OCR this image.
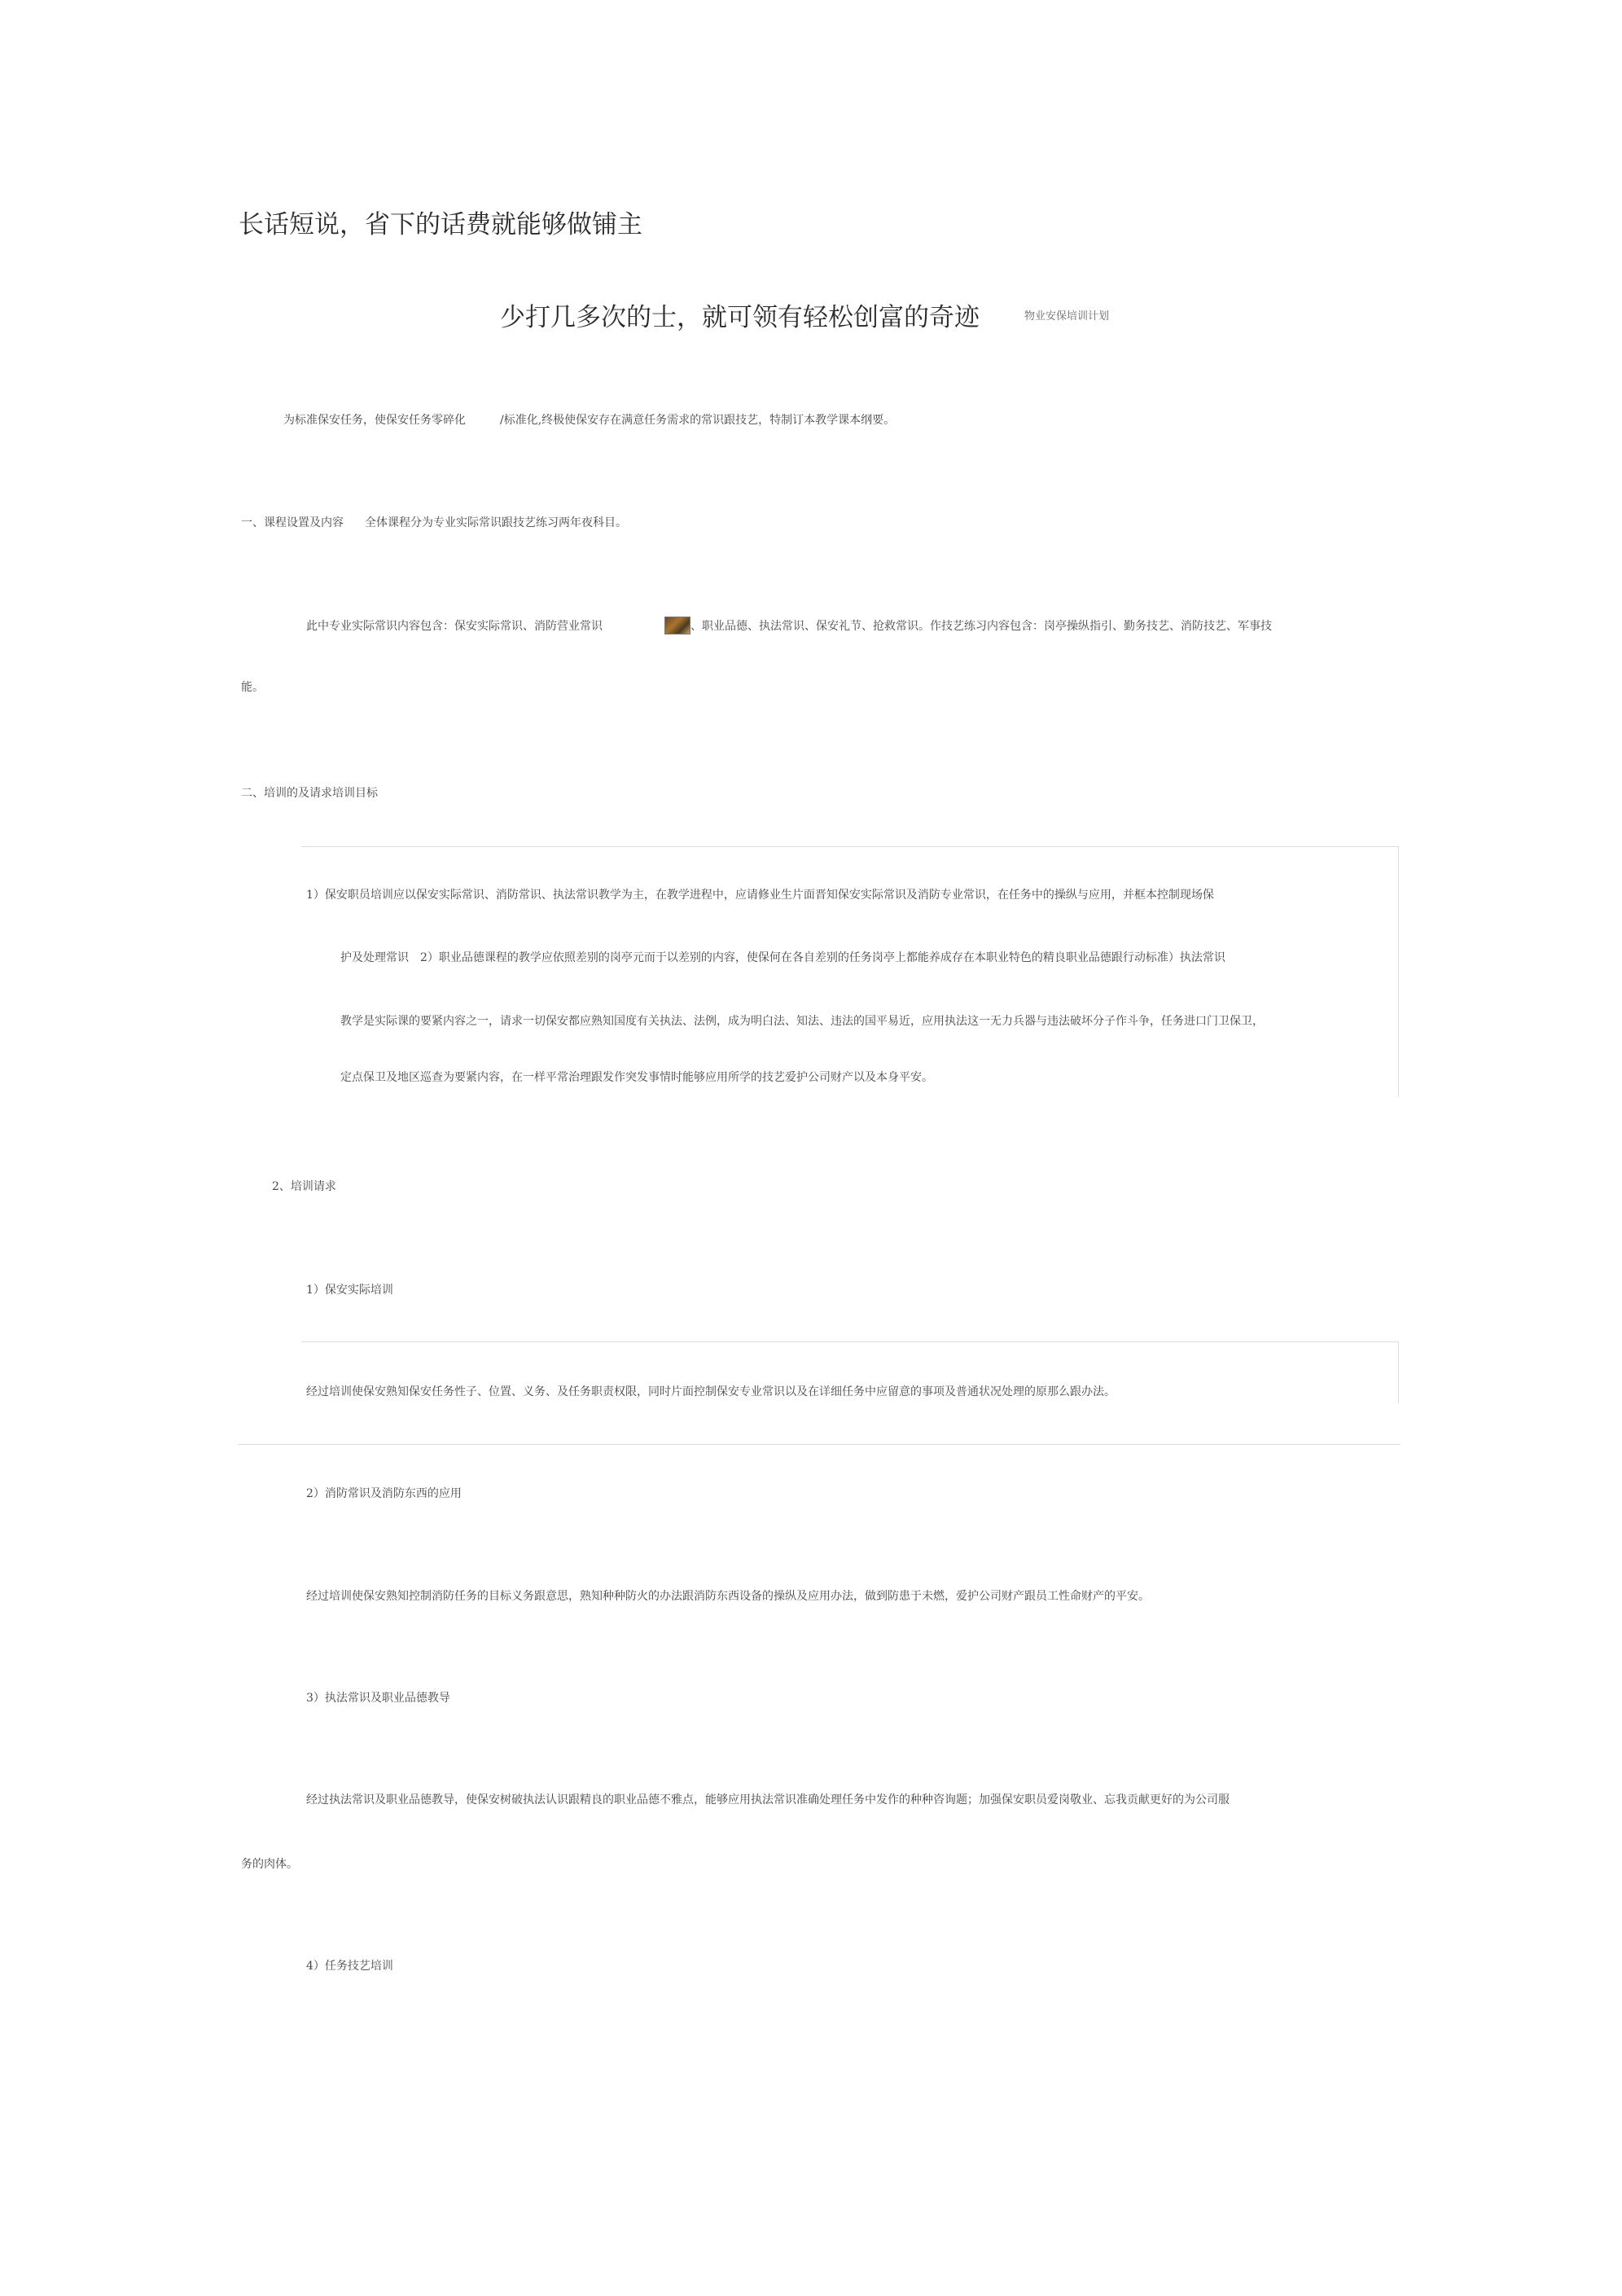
长话短说，省下的话费就能够做铺主
少打几多次的士，就可领有轻松创富的奇迹	物业安保培训计划
为标准保安任务，使保安任务零碎化	/标准化,终极使保安存在满意任务需求的常识跟技艺，特制订本教学课本纲要。
一、课程设置及内容 全体课程分为专业实际常识跟技艺练习两年夜科目。
此中专业实际常识内容包含：保安实际常识、消防营业常识	、职业品德、执法常识、保安礼节、抢救常识。作技艺练习内容包含：岗亭操纵指引、勤务技艺、消防技艺、军事技
能。
二、培训的及请求培训目标
1）保安职员培训应以保安实际常识、消防常识、执法常识教学为主，在教学进程中，应请修业生片面晋知保安实际常识及消防专业常识，在任务中的操纵与应用，并框本控制现场保
护及处理常识　2）职业品德课程的教学应依照差别的岗亭元而于以差别的内容，使保何在各自差别的任务岗亭上都能养成存在本职业特色的精良职业品德跟行动标准）执法常识
教学是实际课的要紧内容之一，请求一切保安都应熟知国度有关执法、法例，成为明白法、知法、违法的国平易近，应用执法这一无力兵器与违法破坏分子作斗争，任务进口门卫保卫，
定点保卫及地区巡查为要紧内容，在一样平常治理跟发作突发事情时能够应用所学的技艺爱护公司财产以及本身平安。
2、培训请求
1）保安实际培训
经过培训使保安熟知保安任务性子、位置、义务、及任务职责权限，同时片面控制保安专业常识以及在详细任务中应留意的事项及普通状况处理的原那么跟办法。
2）消防常识及消防东西的应用
经过培训使保安熟知控制消防任务的目标义务跟意思，熟知种种防火的办法跟消防东西设备的操纵及应用办法，做到防患于未燃，爱护公司财产跟员工性命财产的平安。
3）执法常识及职业品德教导
经过执法常识及职业品德教导，使保安树破执法认识跟精良的职业品德不雅点，能够应用执法常识准确处理任务中发作的种种咨询题；加强保安职员爱岗敬业、忘我贡献更好的为公司服
务的肉体。
4）任务技艺培训
